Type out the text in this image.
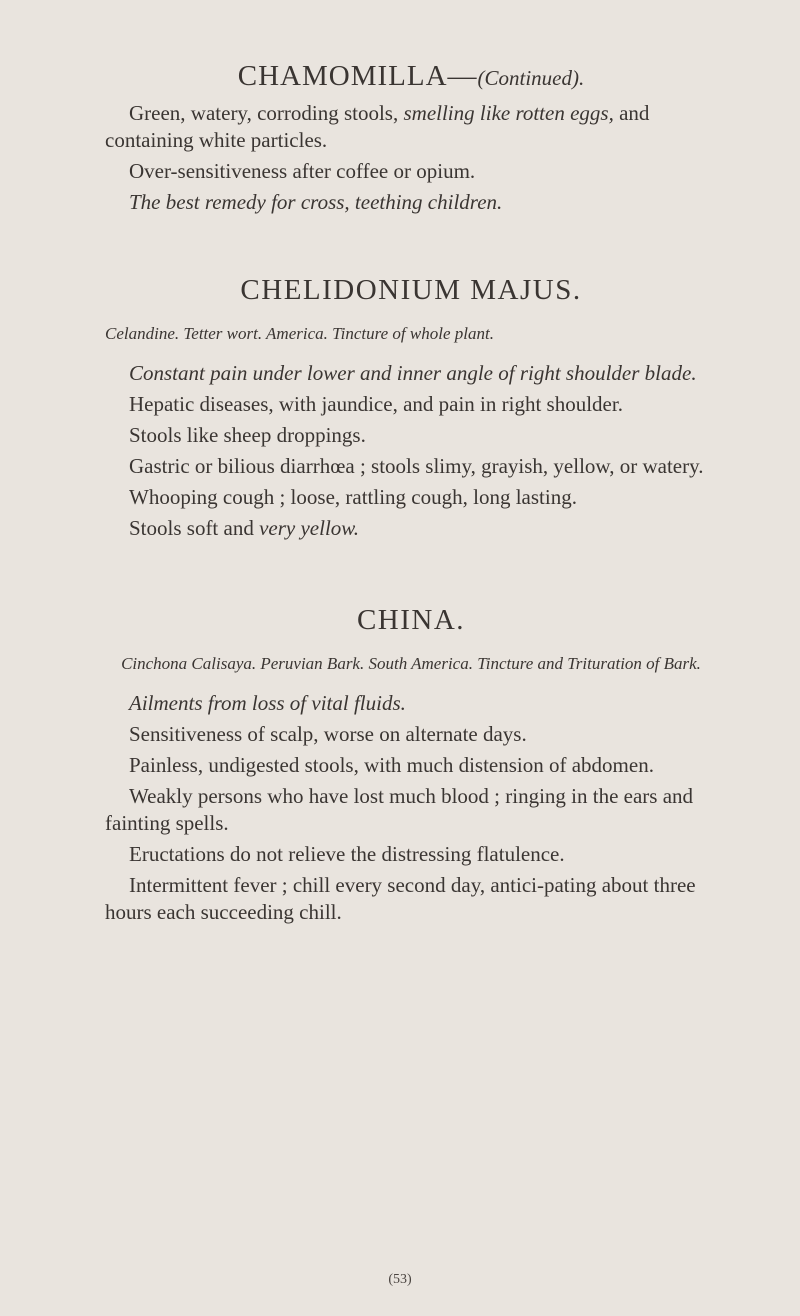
CHAMOMILLA—(Continued).

Green, watery, corroding stools, smelling like rotten eggs, and containing white particles.

Over-sensitiveness after coffee or opium.

The best remedy for cross, teething children.

CHELIDONIUM MAJUS.

Celandine. Tetter wort. America. Tincture of whole plant.

Constant pain under lower and inner angle of right shoulder blade.

Hepatic diseases, with jaundice, and pain in right shoulder.

Stools like sheep droppings.

Gastric or bilious diarrhœa ; stools slimy, grayish, yellow, or watery.

Whooping cough ; loose, rattling cough, long lasting.

Stools soft and very yellow.

CHINA.

Cinchona Calisaya. Peruvian Bark. South America. Tincture and Trituration of Bark.

Ailments from loss of vital fluids.

Sensitiveness of scalp, worse on alternate days.

Painless, undigested stools, with much distension of abdomen.

Weakly persons who have lost much blood ; ringing in the ears and fainting spells.

Eructations do not relieve the distressing flatulence.

Intermittent fever ; chill every second day, antici-pating about three hours each succeeding chill.

(53)
